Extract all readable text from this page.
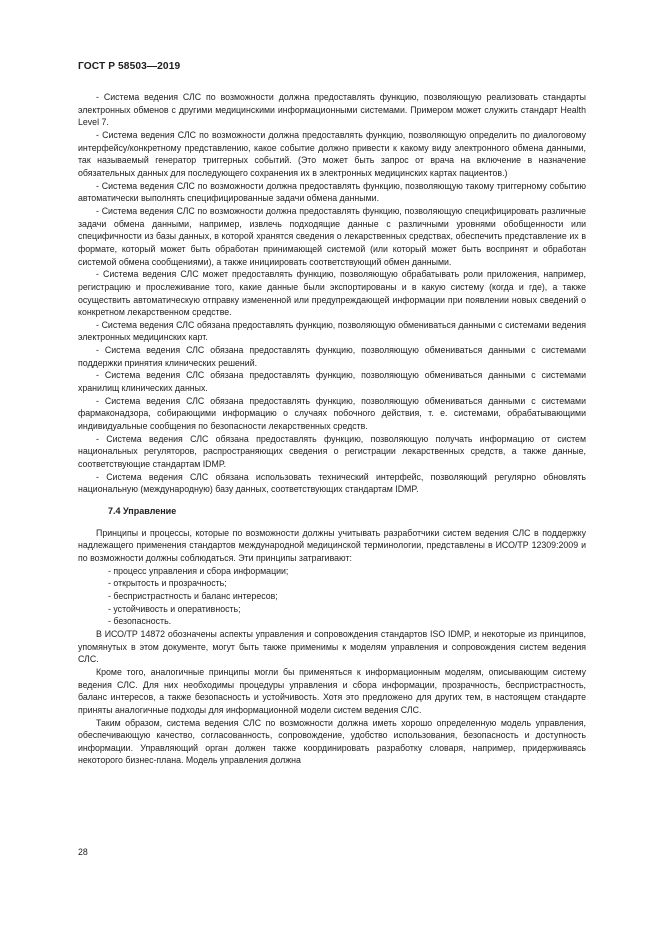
ГОСТ Р 58503—2019

- Система ведения СЛС по возможности должна предоставлять функцию, позволяющую реализовать стандарты электронных обменов с другими медицинскими информационными системами. Примером может служить стандарт Health Level 7.

- Система ведения СЛС по возможности должна предоставлять функцию, позволяющую определить по диалоговому интерфейсу/конкретному представлению, какое событие должно привести к какому виду электронного обмена данными, так называемый генератор триггерных событий. (Это может быть запрос от врача на включение в назначение обязательных данных для последующего сохранения их в электронных медицинских картах пациентов.)

- Система ведения СЛС по возможности должна предоставлять функцию, позволяющую такому триггерному событию автоматически выполнять специфицированные задачи обмена данными.

- Система ведения СЛС по возможности должна предоставлять функцию, позволяющую специфицировать различные задачи обмена данными, например, извлечь подходящие данные с различными уровнями обобщенности или специфичности из базы данных, в которой хранятся сведения о лекарственных средствах, обеспечить представление их в формате, который может быть обработан принимающей системой (или который может быть воспринят и обработан системой обмена сообщениями), а также инициировать соответствующий обмен данными.

- Система ведения СЛС может предоставлять функцию, позволяющую обрабатывать роли приложения, например, регистрацию и прослеживание того, какие данные были экспортированы и в какую систему (когда и где), а также осуществить автоматическую отправку измененной или предупреждающей информации при появлении новых сведений о конкретном лекарственном средстве.

- Система ведения СЛС обязана предоставлять функцию, позволяющую обмениваться данными с системами ведения электронных медицинских карт.

- Система ведения СЛС обязана предоставлять функцию, позволяющую обмениваться данными с системами поддержки принятия клинических решений.

- Система ведения СЛС обязана предоставлять функцию, позволяющую обмениваться данными с системами хранилищ клинических данных.

- Система ведения СЛС обязана предоставлять функцию, позволяющую обмениваться данными с системами фармаконадзора, собирающими информацию о случаях побочного действия, т. е. системами, обрабатывающими индивидуальные сообщения по безопасности лекарственных средств.

- Система ведения СЛС обязана предоставлять функцию, позволяющую получать информацию от систем национальных регуляторов, распространяющих сведения о регистрации лекарственных средств, а также данные, соответствующие стандартам IDMP.

- Система ведения СЛС обязана использовать технический интерфейс, позволяющий регулярно обновлять национальную (международную) базу данных, соответствующих стандартам IDMP.

7.4 Управление

Принципы и процессы, которые по возможности должны учитывать разработчики систем ведения СЛС в поддержку надлежащего применения стандартов международной медицинской терминологии, представлены в ИСО/ТР 12309:2009 и по возможности должны соблюдаться. Эти принципы затрагивают:

- процесс управления и сбора информации;
- открытость и прозрачность;
- беспристрастность и баланс интересов;
- устойчивость и оперативность;
- безопасность.

В ИСО/ТР 14872 обозначены аспекты управления и сопровождения стандартов ISO IDMP, и некоторые из принципов, упомянутых в этом документе, могут быть также применимы к моделям управления и сопровождения систем ведения СЛС.

Кроме того, аналогичные принципы могли бы применяться к информационным моделям, описывающим систему ведения СЛС. Для них необходимы процедуры управления и сбора информации, прозрачность, беспристрастность, баланс интересов, а также безопасность и устойчивость. Хотя это предложено для других тем, в настоящем стандарте приняты аналогичные подходы для информационной модели систем ведения СЛС.

Таким образом, система ведения СЛС по возможности должна иметь хорошо определенную модель управления, обеспечивающую качество, согласованность, сопровождение, удобство использования, безопасность и доступность информации. Управляющий орган должен также координировать разработку словаря, например, придерживаясь некоторого бизнес-плана. Модель управления должна

28
